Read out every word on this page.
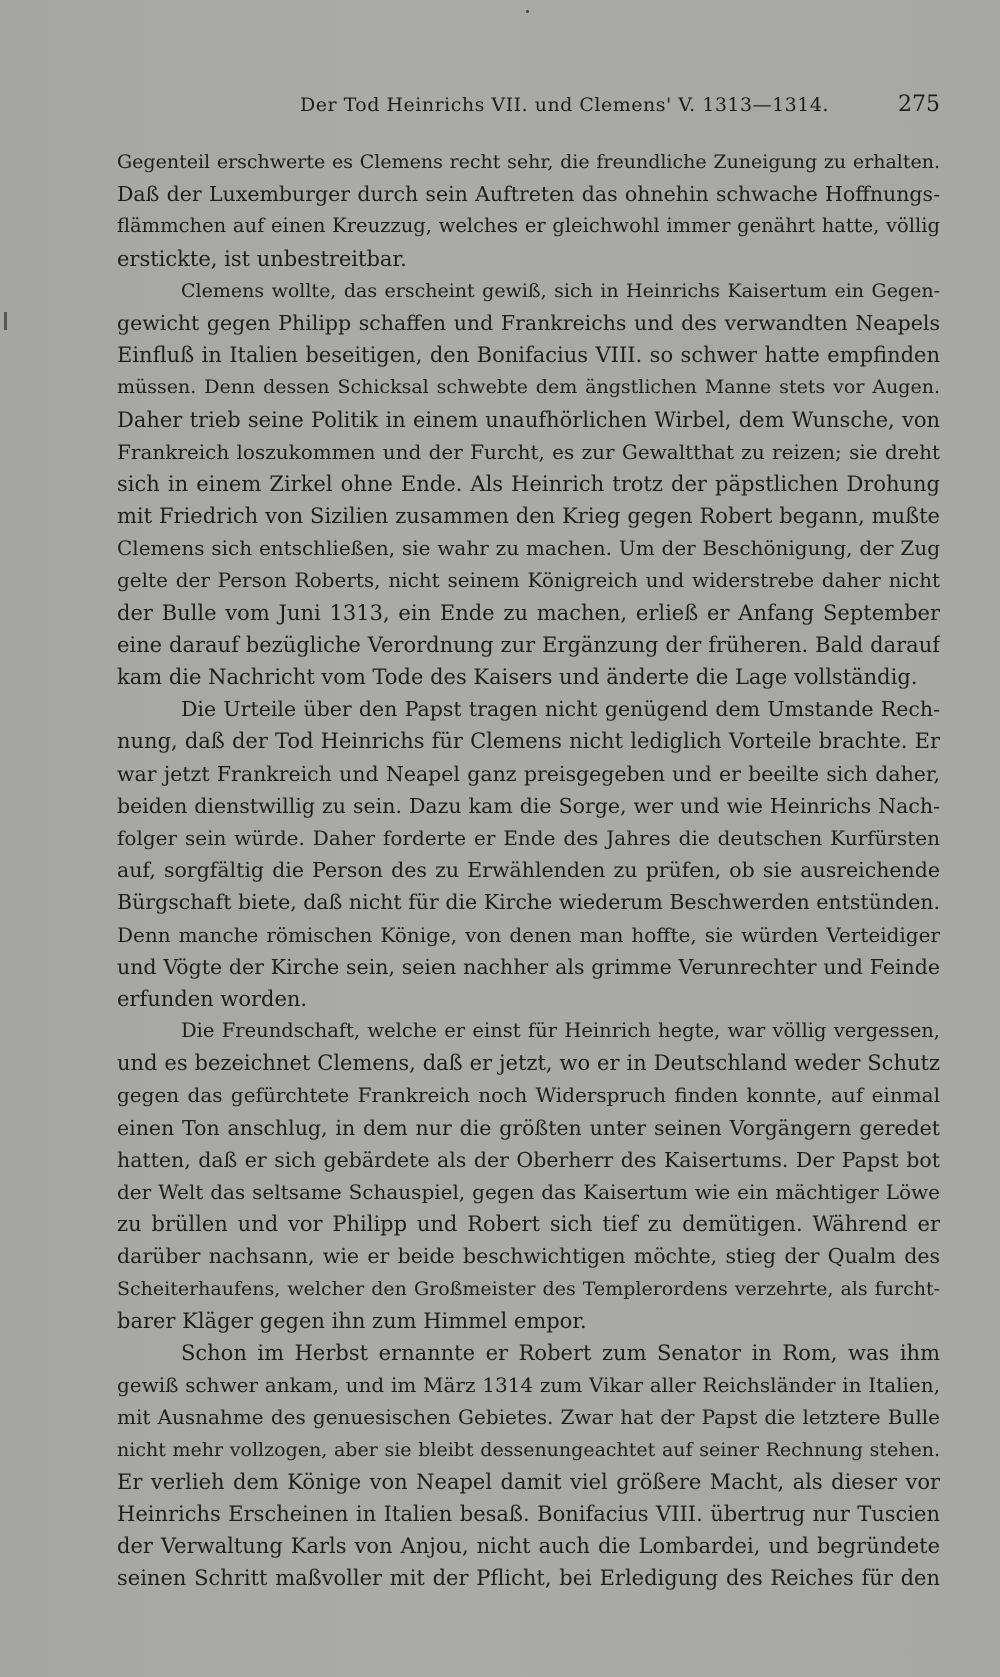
Der Tod Heinrichs VII. und Clemens' V. 1313—1314.	275
Gegenteil erschwerte es Clemens recht sehr, die freundliche Zuneigung zu erhalten.
Daß der Luxemburger durch sein Auftreten das ohnehin schwache Hoffnungs-
flämmchen auf einen Kreuzzug, welches er gleichwohl immer genährt hatte, völlig
erstickte, ist unbestreitbar.
Clemens wollte, das erscheint gewiß, sich in Heinrichs Kaisertum ein Gegen-
gewicht gegen Philipp schaffen und Frankreichs und des verwandten Neapels
Einfluß in Italien beseitigen, den Bonifacius VIII. so schwer hatte empfinden
müssen. Denn dessen Schicksal schwebte dem ängstlichen Manne stets vor Augen.
Daher trieb seine Politik in einem unaufhörlichen Wirbel, dem Wunsche, von
Frankreich loszukommen und der Furcht, es zur Gewaltthat zu reizen; sie dreht
sich in einem Zirkel ohne Ende. Als Heinrich trotz der päpstlichen Drohung
mit Friedrich von Sizilien zusammen den Krieg gegen Robert begann, mußte
Clemens sich entschließen, sie wahr zu machen. Um der Beschönigung, der Zug
gelte der Person Roberts, nicht seinem Königreich und widerstrebe daher nicht
der Bulle vom Juni 1313, ein Ende zu machen, erließ er Anfang September
eine darauf bezügliche Verordnung zur Ergänzung der früheren. Bald darauf
kam die Nachricht vom Tode des Kaisers und änderte die Lage vollständig.
Die Urteile über den Papst tragen nicht genügend dem Umstande Rech-
nung, daß der Tod Heinrichs für Clemens nicht lediglich Vorteile brachte. Er
war jetzt Frankreich und Neapel ganz preisgegeben und er beeilte sich daher,
beiden dienstwillig zu sein. Dazu kam die Sorge, wer und wie Heinrichs Nach-
folger sein würde. Daher forderte er Ende des Jahres die deutschen Kurfürsten
auf, sorgfältig die Person des zu Erwählenden zu prüfen, ob sie ausreichende
Bürgschaft biete, daß nicht für die Kirche wiederum Beschwerden entstünden.
Denn manche römischen Könige, von denen man hoffte, sie würden Verteidiger
und Vögte der Kirche sein, seien nachher als grimme Verunrechter und Feinde
erfunden worden.
Die Freundschaft, welche er einst für Heinrich hegte, war völlig vergessen,
und es bezeichnet Clemens, daß er jetzt, wo er in Deutschland weder Schutz
gegen das gefürchtete Frankreich noch Widerspruch finden konnte, auf einmal
einen Ton anschlug, in dem nur die größten unter seinen Vorgängern geredet
hatten, daß er sich gebärdete als der Oberherr des Kaisertums. Der Papst bot
der Welt das seltsame Schauspiel, gegen das Kaisertum wie ein mächtiger Löwe
zu brüllen und vor Philipp und Robert sich tief zu demütigen. Während er
darüber nachsann, wie er beide beschwichtigen möchte, stieg der Qualm des
Scheiterhaufens, welcher den Großmeister des Templerordens verzehrte, als furcht-
barer Kläger gegen ihn zum Himmel empor.
Schon im Herbst ernannte er Robert zum Senator in Rom, was ihm
gewiß schwer ankam, und im März 1314 zum Vikar aller Reichsländer in Italien,
mit Ausnahme des genuesischen Gebietes. Zwar hat der Papst die letztere Bulle
nicht mehr vollzogen, aber sie bleibt dessenungeachtet auf seiner Rechnung stehen.
Er verlieh dem Könige von Neapel damit viel größere Macht, als dieser vor
Heinrichs Erscheinen in Italien besaß. Bonifacius VIII. übertrug nur Tuscien
der Verwaltung Karls von Anjou, nicht auch die Lombardei, und begründete
seinen Schritt maßvoller mit der Pflicht, bei Erledigung des Reiches für den
